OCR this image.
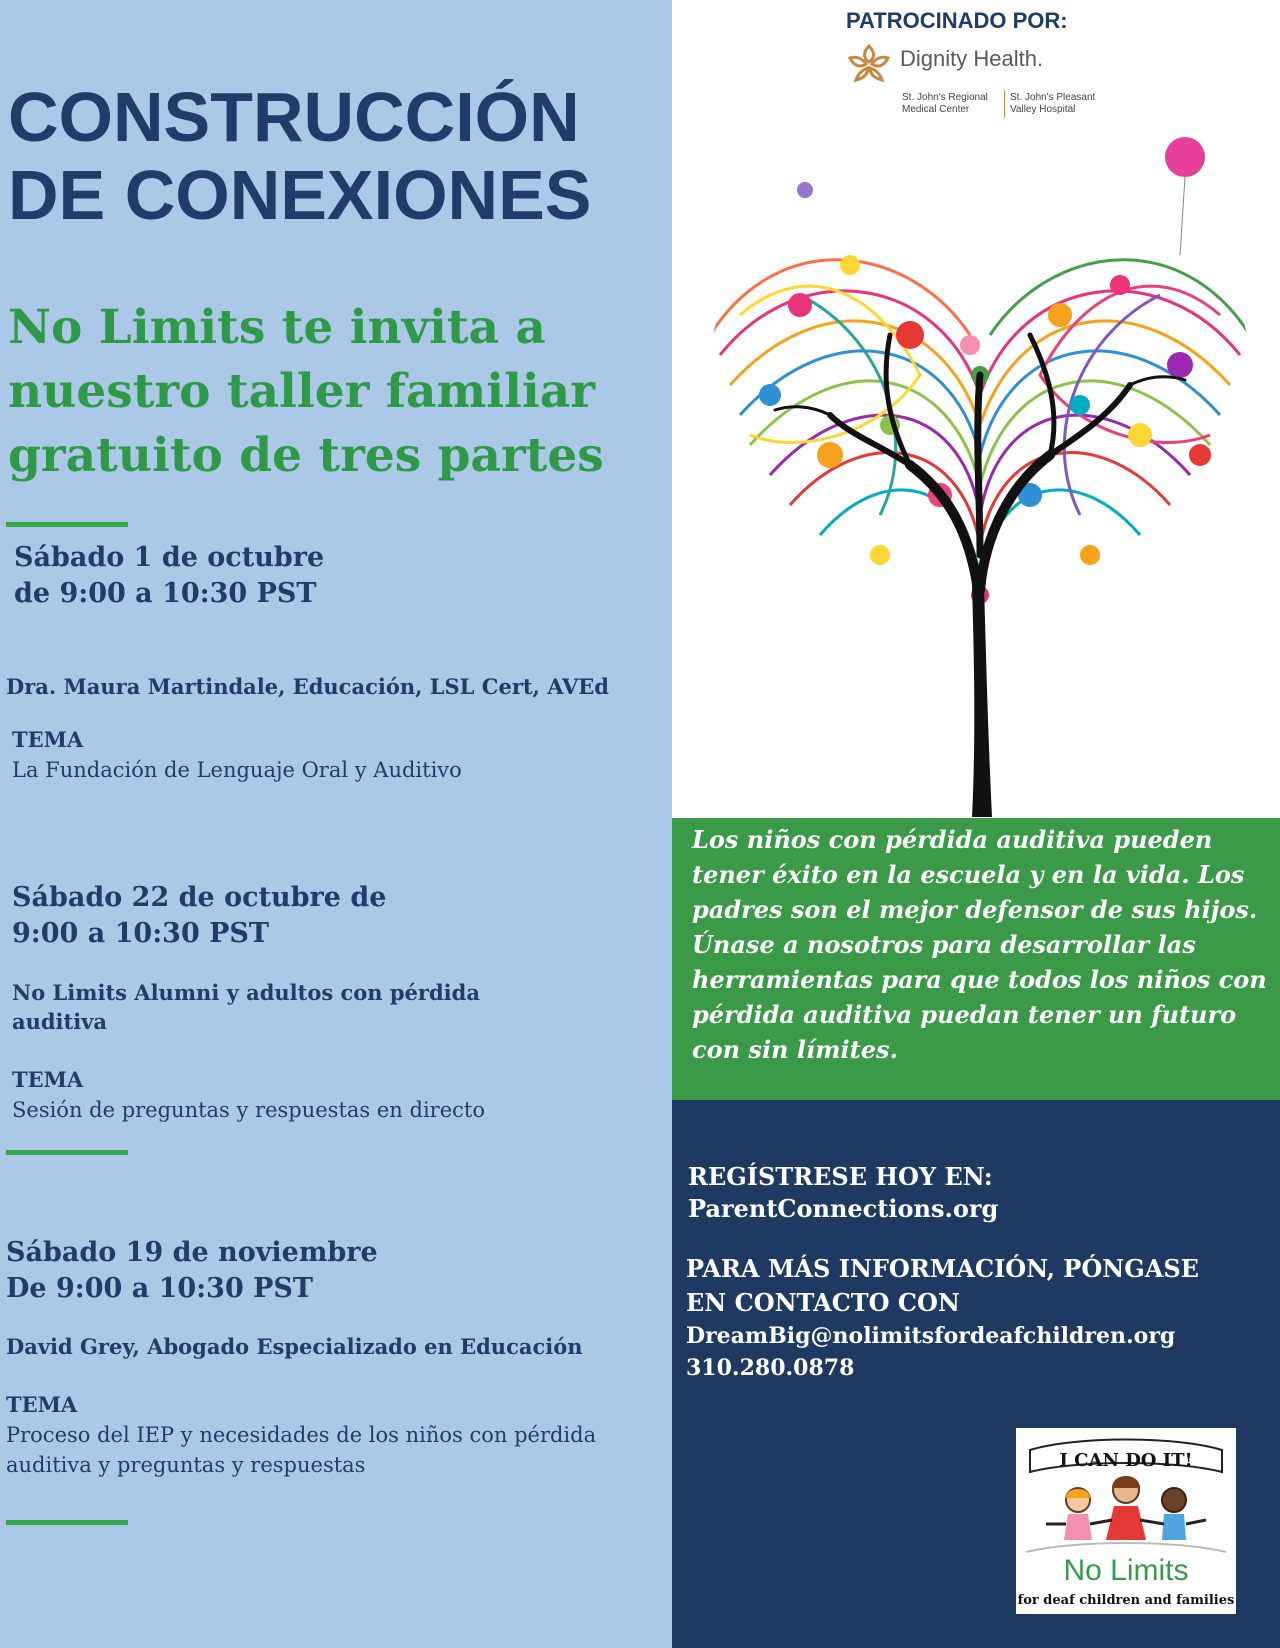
CONSTRUCCIÓN
DE CONEXIONES

No Limits te invita a nuestro taller familiar gratuito de tres partes

Sábado 1 de octubre
de 9:00 a 10:30 PST
Dra. Maura Martindale, Educación, LSL Cert, AVEd
TEMA
La Fundación de Lenguaje Oral y Auditivo
Sábado 22 de octubre de
9:00 a 10:30 PST
No Limits Alumni y adultos con pérdida auditiva
TEMA
Sesión de preguntas y respuestas en directo
Sábado 19 de noviembre
De 9:00 a 10:30 PST
David Grey, Abogado Especializado en Educación
TEMA
Proceso del IEP y necesidades de los niños con pérdida auditiva y preguntas y respuestas
PATROCINADO POR:
Dignity Health.
St. John's Regional Medical Center
St. John's Pleasant Valley Hospital

Los niños con pérdida auditiva pueden tener éxito en la escuela y en la vida. Los padres son el mejor defensor de sus hijos. Únase a nosotros para desarrollar las herramientas para que todos los niños con pérdida auditiva puedan tener un futuro con sin límites.

REGÍSTRESE HOY EN:
ParentConnections.org
PARA MÁS INFORMACIÓN, PÓNGASE EN CONTACTO CON
DreamBig@nolimitsfordeafchildren.org
310.280.0878
I CAN DO IT!
No Limits
for deaf children and families
